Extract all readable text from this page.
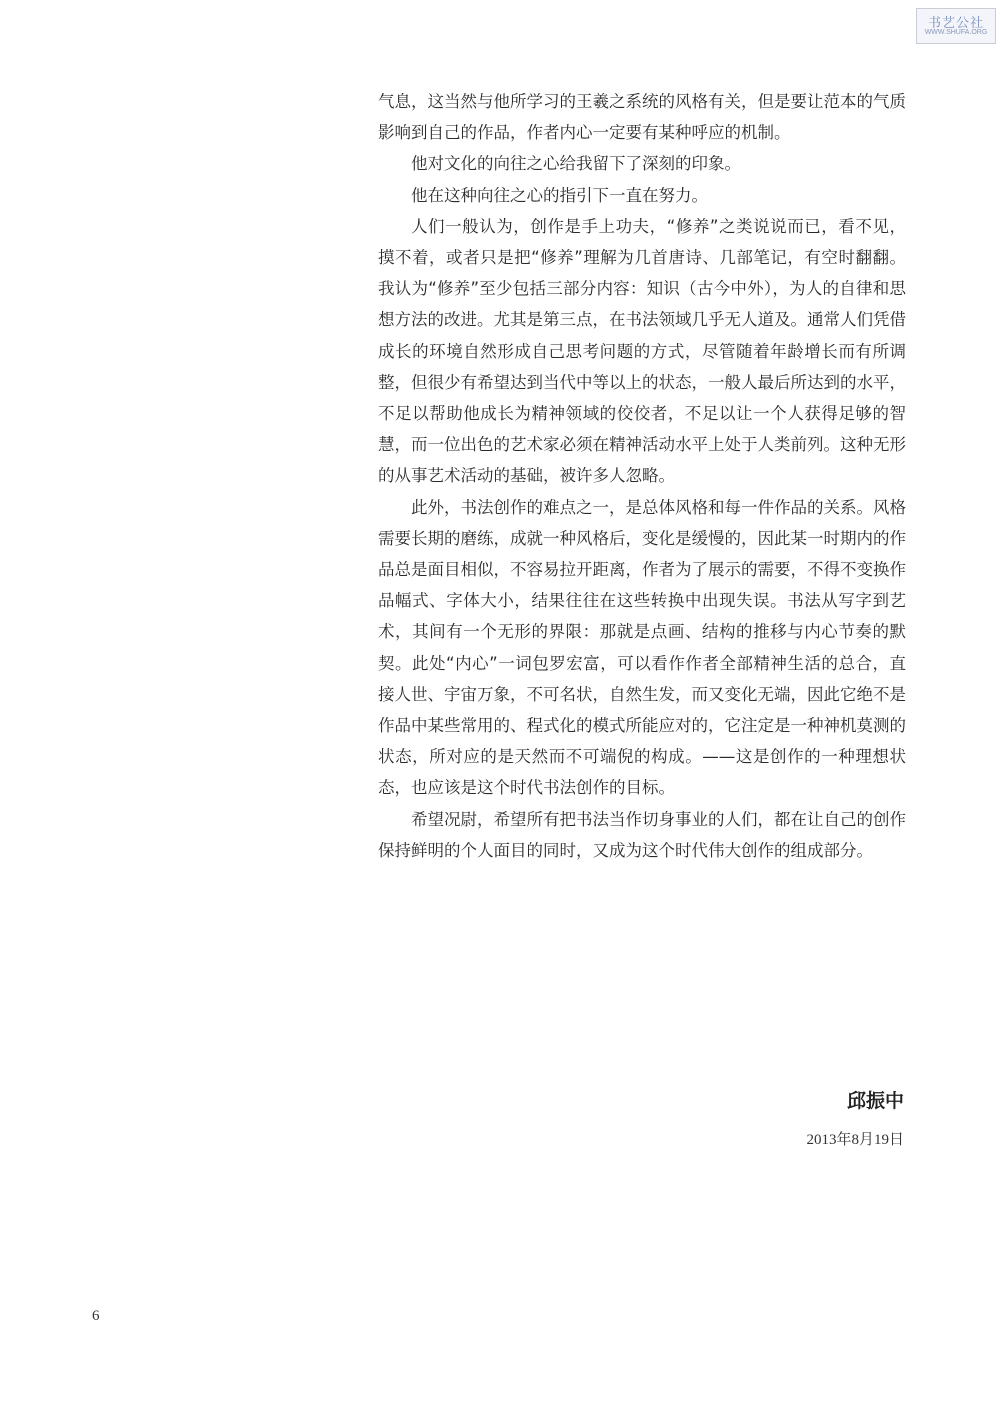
书艺公社
WWW.SHUFA.ORG

气息，这当然与他所学习的王羲之系统的风格有关，但是要让范本的气质影响到自己的作品，作者内心一定要有某种呼应的机制。

他对文化的向往之心给我留下了深刻的印象。

他在这种向往之心的指引下一直在努力。

人们一般认为，创作是手上功夫，“修养”之类说说而已，看不见，摸不着，或者只是把“修养”理解为几首唐诗、几部笔记，有空时翻翻。我认为“修养”至少包括三部分内容：知识（古今中外），为人的自律和思想方法的改进。尤其是第三点，在书法领域几乎无人道及。通常人们凭借成长的环境自然形成自己思考问题的方式，尽管随着年龄增长而有所调整，但很少有希望达到当代中等以上的状态，一般人最后所达到的水平，不足以帮助他成长为精神领域的佼佼者，不足以让一个人获得足够的智慧，而一位出色的艺术家必须在精神活动水平上处于人类前列。这种无形的从事艺术活动的基础，被许多人忽略。

此外，书法创作的难点之一，是总体风格和每一件作品的关系。风格需要长期的磨练，成就一种风格后，变化是缓慢的，因此某一时期内的作品总是面目相似，不容易拉开距离，作者为了展示的需要，不得不变换作品幅式、字体大小，结果往往在这些转换中出现失误。书法从写字到艺术，其间有一个无形的界限：那就是点画、结构的推移与内心节奏的默契。此处“内心”一词包罗宏富，可以看作作者全部精神生活的总合，直接人世、宇宙万象，不可名状，自然生发，而又变化无端，因此它绝不是作品中某些常用的、程式化的模式所能应对的，它注定是一种神机莫测的状态，所对应的是天然而不可端倪的构成。——这是创作的一种理想状态，也应该是这个时代书法创作的目标。

希望况尉，希望所有把书法当作切身事业的人们，都在让自己的创作保持鲜明的个人面目的同时，又成为这个时代伟大创作的组成部分。

邱振中
2013年8月19日
6
